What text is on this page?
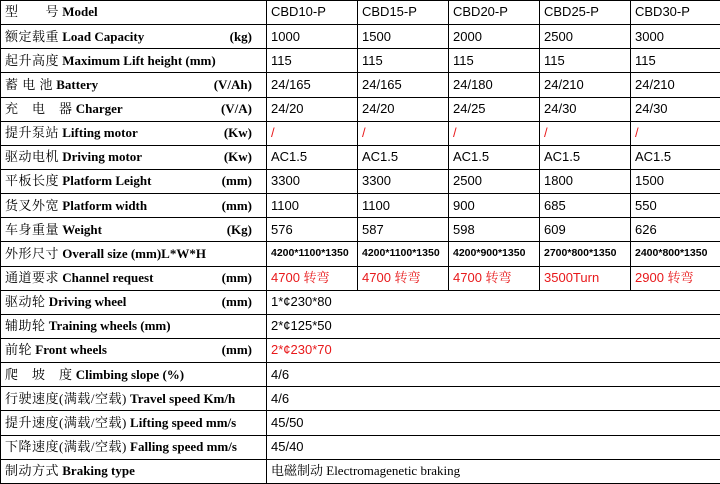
型　　号 Model	CBD10-P	CBD15-P	CBD20-P	CBD25-P	CBD30-P
额定载重 Load Capacity (kg)	1000	1500	2000	2500	3000
起升高度 Maximum Lift height (mm)	115	115	115	115	115
蓄 电 池 Battery (V/Ah)	24/165	24/165	24/180	24/210	24/210
充　电　器 Charger (V/A)	24/20	24/20	24/25	24/30	24/30
提升泵站 Lifting motor (Kw)	/	/	/	/	/
驱动电机 Driving motor (Kw)	AC1.5	AC1.5	AC1.5	AC1.5	AC1.5
平板长度 Platform Leight (mm)	3300	3300	2500	1800	1500
货叉外宽 Platform width (mm)	1100	1100	900	685	550
车身重量 Weight (Kg)	576	587	598	609	626
外形尺寸 Overall size (mm)L*W*H	4200*1100*1350	4200*1100*1350	4200*900*1350	2700*800*1350	2400*800*1350
通道要求 Channel request (mm)	4700 转弯	4700 转弯	4700 转弯	3500Turn	2900 转弯
驱动轮 Driving wheel (mm)	1*¢230*80				
辅助轮 Training wheels (mm)	2*¢125*50				
前轮 Front wheels (mm)	2*¢230*70				
爬　坡　度 Climbing slope (%)	4/6				
行驶速度(满载/空载) Travel speed Km/h	4/6				
提升速度(满载/空载) Lifting speed mm/s	45/50				
下降速度(满载/空载) Falling speed mm/s	45/40				
制动方式 Braking type	电磁制动 Electromagenetic braking				
